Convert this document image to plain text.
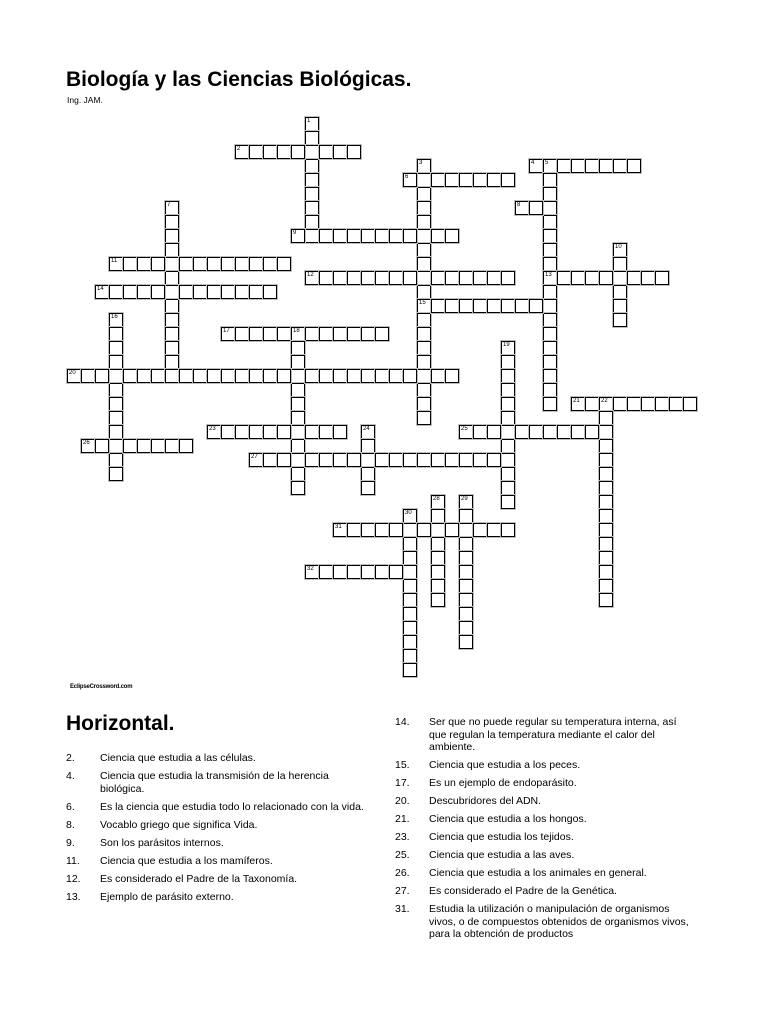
Biología y las Ciencias Biológicas.
Ing. JAM.
1
2
3
15
4 5
13
6
7	8
9
10
11
12
14
16
17	18
19
20
21	22
23	24	25
26
27
28	29
30
31
32
EclipseCrossword.com
Horizontal.
2.	Ciencia que estudia a las células.
4.	Ciencia que estudia la transmisión de la herencia biológica.
6.	Es la ciencia que estudia todo lo relacionado con la vida.
8.	Vocablo griego que significa Vida.
9.	Son los parásitos internos.
11.	Ciencia que estudia a los mamíferos.
12.	Es considerado el Padre de la Taxonomía.
13.	Ejemplo de parásito externo.
14.	Ser que no puede regular su temperatura interna, así que regulan la temperatura mediante el calor del ambiente.
15.	Ciencia que estudia a los peces.
17.	Es un ejemplo de endoparásito.
20.	Descubridores del ADN.
21.	Ciencia que estudia a los hongos.
23.	Ciencia que estudia los tejidos.
25.	Ciencia que estudia a las aves.
26.	Ciencia que estudia a los animales en general.
27.	Es considerado el Padre de la Genética.
31.	Estudia la utilización o manipulación de organismos vivos, o de compuestos obtenidos de organismos vivos, para la obtención de productos
